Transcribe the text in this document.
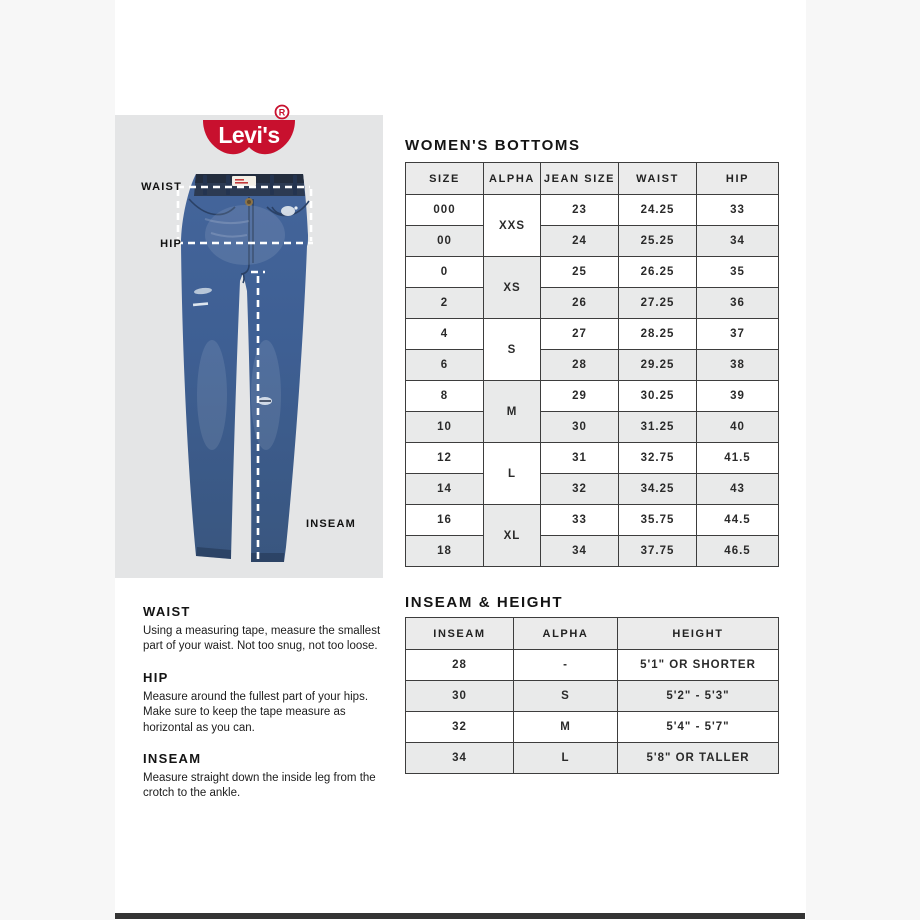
Levi's
R
WAIST
HIP
INSEAM
WOMEN'S BOTTOMS
SIZE	ALPHA	JEAN SIZE	WAIST	HIP
000	XXS	23	24.25	33
00		24	25.25	34
0	XS	25	26.25	35
2		26	27.25	36
4	S	27	28.25	37
6		28	29.25	38
8	M	29	30.25	39
10		30	31.25	40
12	L	31	32.75	41.5
14		32	34.25	43
16	XL	33	35.75	44.5
18		34	37.75	46.5
INSEAM & HEIGHT
INSEAM	ALPHA	HEIGHT
28	-	5'1" OR SHORTER
30	S	5'2" - 5'3"
32	M	5'4" - 5'7"
34	L	5'8" OR TALLER
WAIST
Using a measuring tape, measure the smallest part of your waist. Not too snug, not too loose.
HIP
Measure around the fullest part of your hips. Make sure to keep the tape measure as horizontal as you can.
INSEAM
Measure straight down the inside leg from the crotch to the ankle.
